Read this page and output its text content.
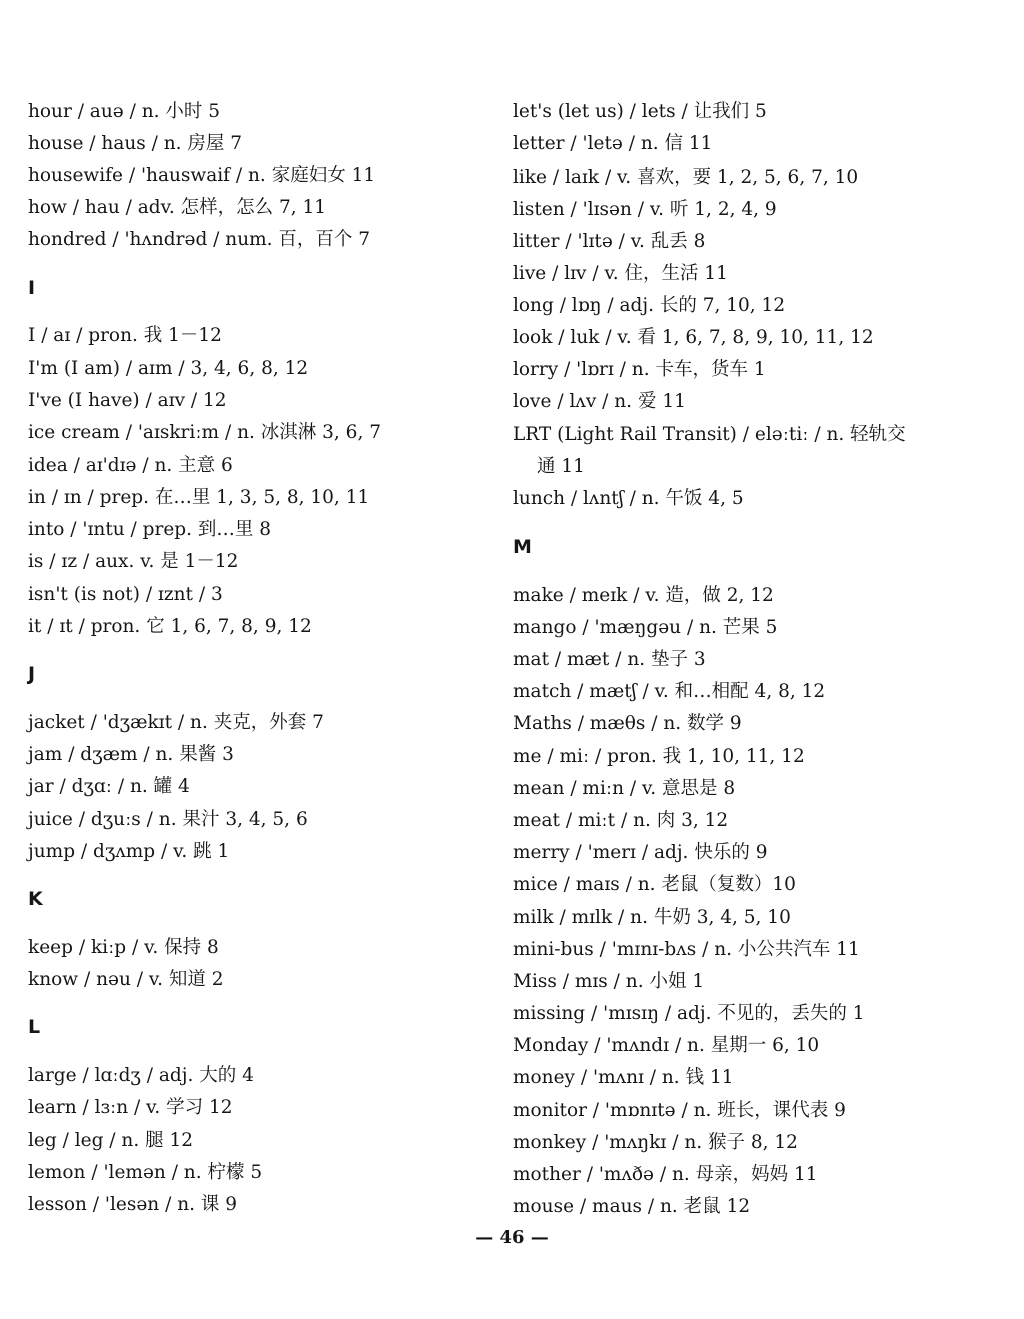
hour / auə / n. 小时 5
house / haus / n. 房屋 7
housewife / 'hauswaif / n. 家庭妇女 11
how / hau / adv. 怎样，怎么 7, 11
hondred / 'hʌndrəd / num. 百，百个 7
I
I / aɪ / pron. 我 1－12
I'm (I am) / aɪm / 3, 4, 6, 8, 12
I've (I have) / aɪv / 12
ice cream / 'aɪskriːm / n. 冰淇淋 3, 6, 7
idea / aɪ'dɪə / n. 主意 6
in / ɪn / prep. 在…里 1, 3, 5, 8, 10, 11
into / 'ɪntu / prep. 到…里 8
is / ɪz / aux. v. 是 1－12
isn't (is not) / ɪznt / 3
it / ɪt / pron. 它 1, 6, 7, 8, 9, 12
J
jacket / 'dʒækɪt / n. 夹克，外套 7
jam / dʒæm / n. 果酱 3
jar / dʒɑː / n. 罐 4
juice / dʒuːs / n. 果汁 3, 4, 5, 6
jump / dʒʌmp / v. 跳 1
K
keep / kiːp / v. 保持 8
know / nəu / v. 知道 2
L
large / lɑːdʒ / adj. 大的 4
learn / lɜːn / v. 学习 12
leg / leg / n. 腿 12
lemon / 'lemən / n. 柠檬 5
lesson / 'lesən / n. 课 9
let's (let us) / lets / 让我们 5
letter / 'letə / n. 信 11
like / laɪk / v. 喜欢，要 1, 2, 5, 6, 7, 10
listen / 'lɪsən / v. 听 1, 2, 4, 9
litter / 'lɪtə / v. 乱丢 8
live / lɪv / v. 住，生活 11
long / lɒŋ / adj. 长的 7, 10, 12
look / luk / v. 看 1, 6, 7, 8, 9, 10, 11, 12
lorry / 'lɒrɪ / n. 卡车，货车 1
love / lʌv / n. 爱 11
LRT (Light Rail Transit) / eləːtiː / n. 轻轨交
通 11
lunch / lʌntʃ / n. 午饭 4, 5
M
make / meɪk / v. 造，做 2, 12
mango / 'mæŋgəu / n. 芒果 5
mat / mæt / n. 垫子 3
match / mætʃ / v. 和…相配 4, 8, 12
Maths / mæθs / n. 数学 9
me / miː / pron. 我 1, 10, 11, 12
mean / miːn / v. 意思是 8
meat / miːt / n. 肉 3, 12
merry / 'merɪ / adj. 快乐的 9
mice / maɪs / n. 老鼠（复数）10
milk / mɪlk / n. 牛奶 3, 4, 5, 10
mini-bus / 'mɪnɪ-bʌs / n. 小公共汽车 11
Miss / mɪs / n. 小姐 1
missing / 'mɪsɪŋ / adj. 不见的，丢失的 1
Monday / 'mʌndɪ / n. 星期一 6, 10
money / 'mʌnɪ / n. 钱 11
monitor / 'mɒnɪtə / n. 班长，课代表 9
monkey / 'mʌŋkɪ / n. 猴子 8, 12
mother / 'mʌðə / n. 母亲，妈妈 11
mouse / maus / n. 老鼠 12
— 46 —
